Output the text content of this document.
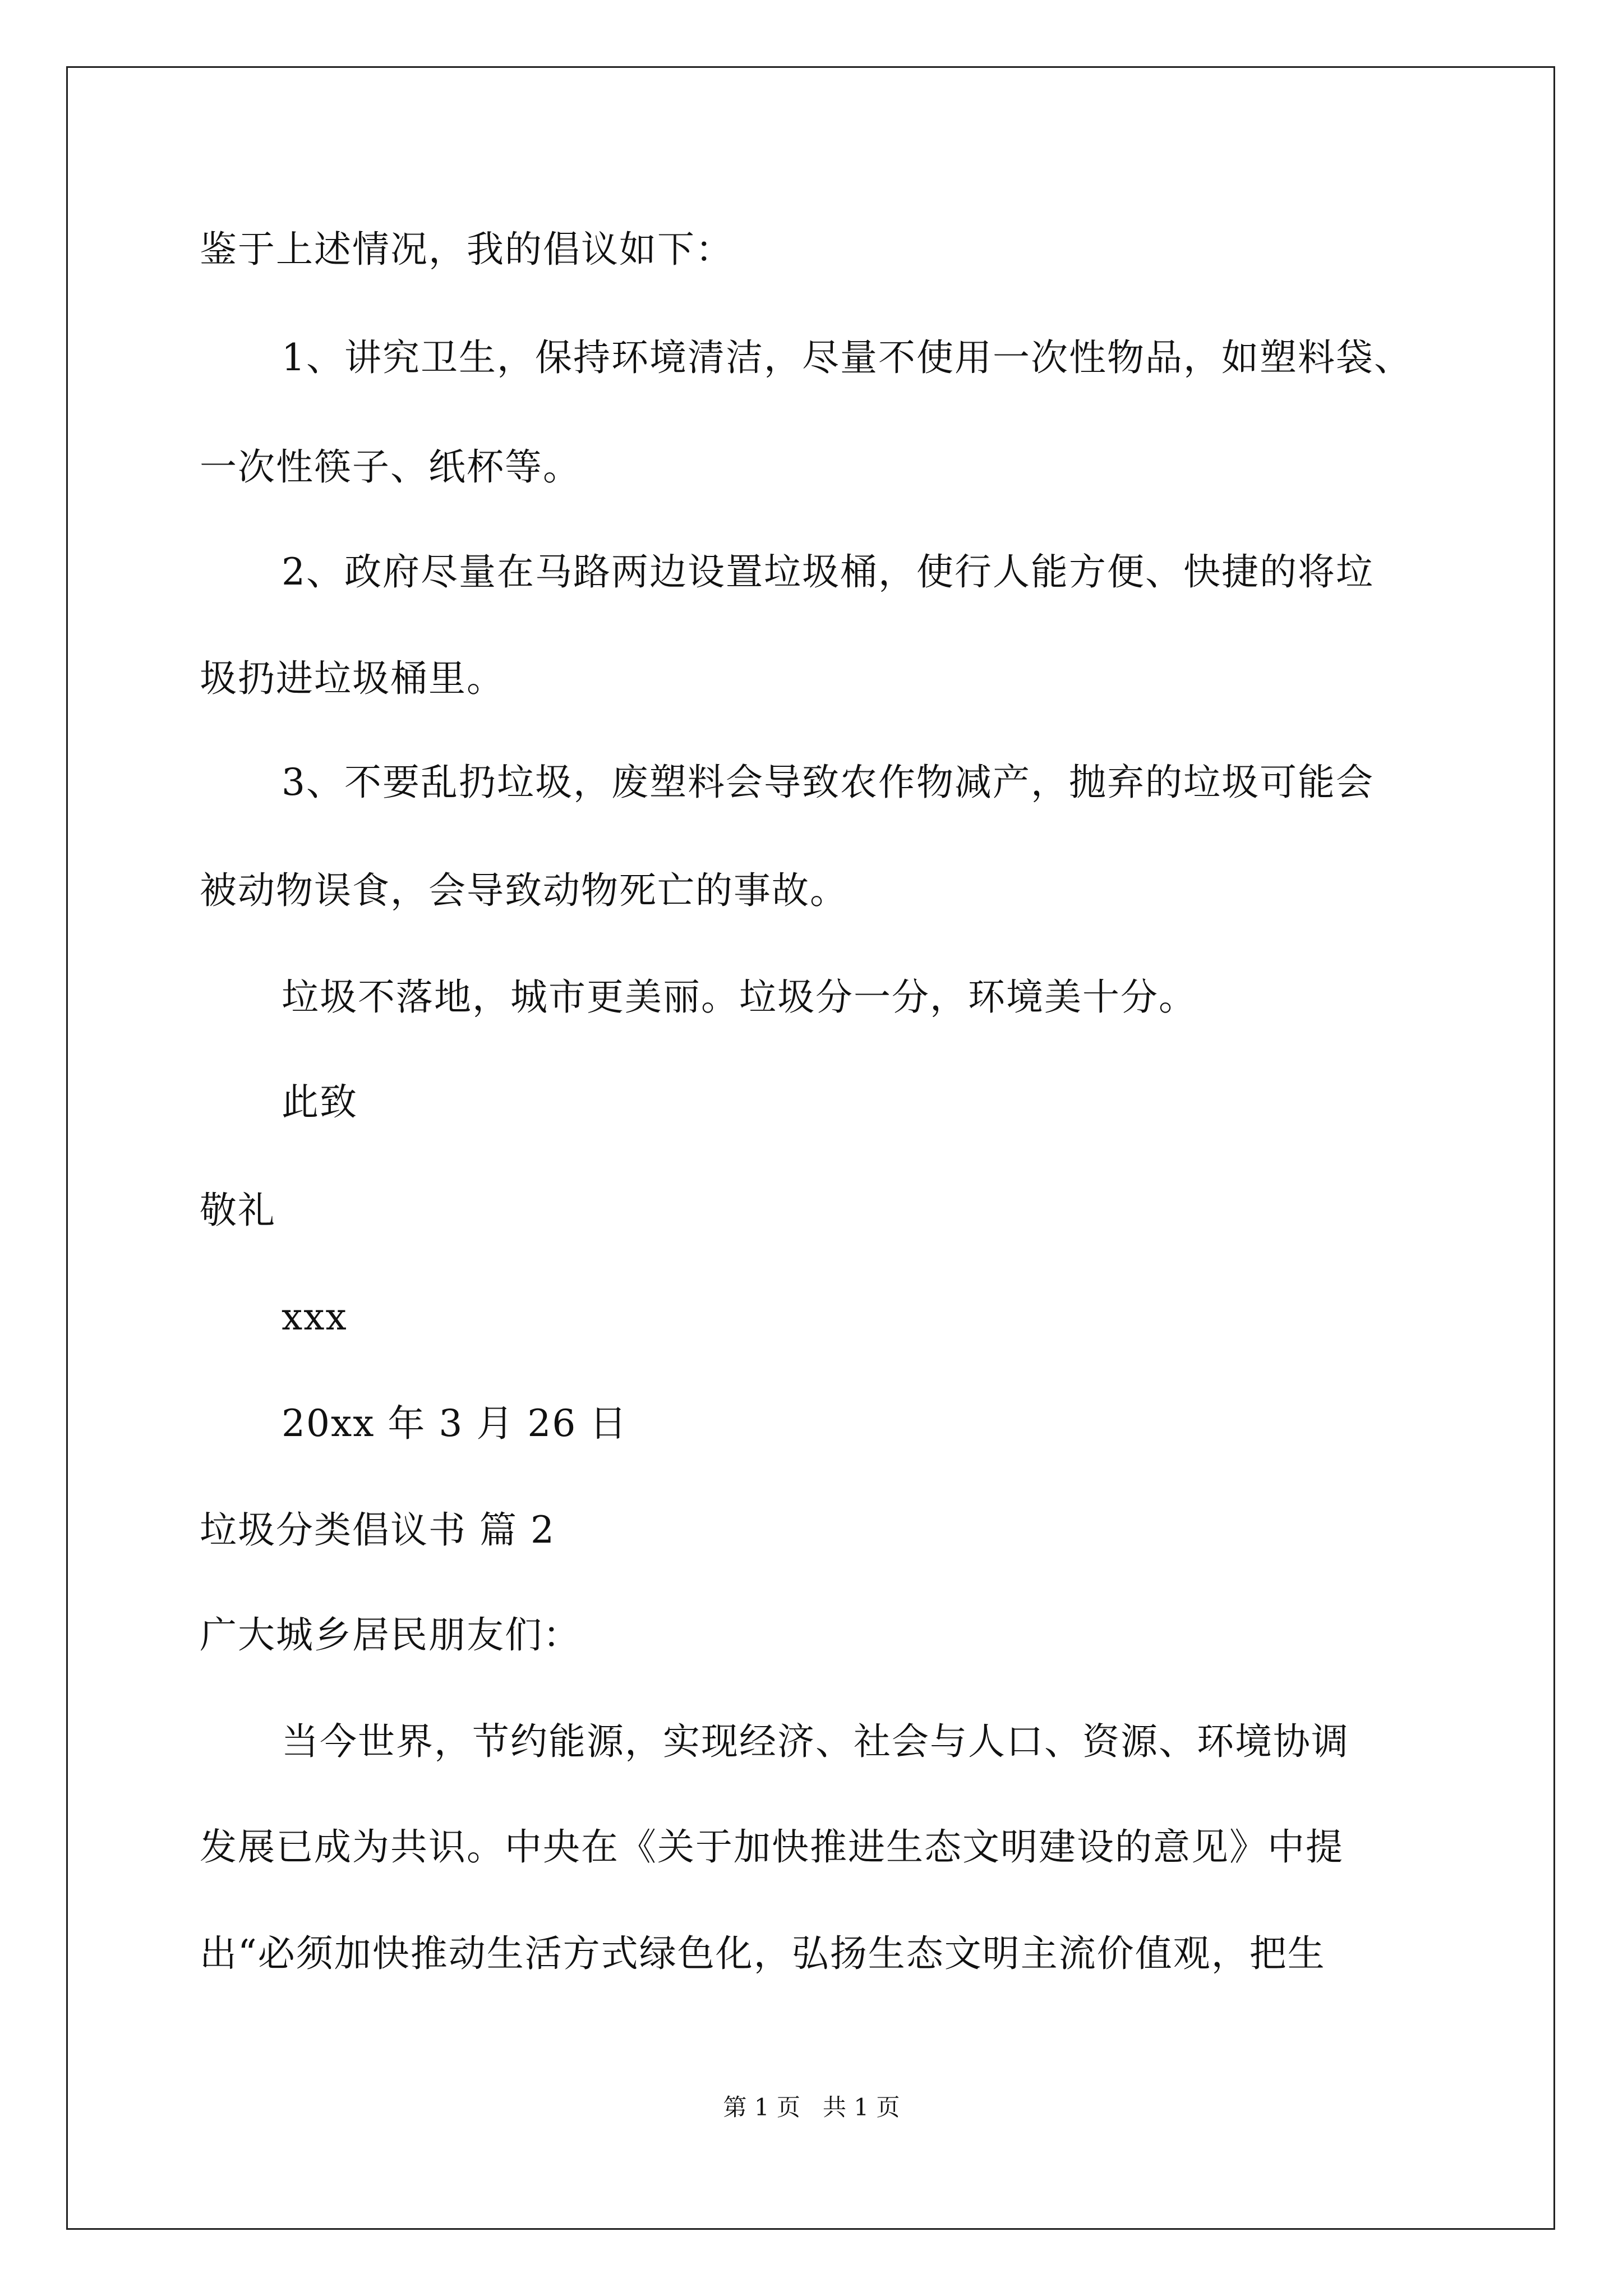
鉴于上述情况，我的倡议如下：
1、讲究卫生，保持环境清洁，尽量不使用一次性物品，如塑料袋、
一次性筷子、纸杯等。
2、政府尽量在马路两边设置垃圾桶，使行人能方便、快捷的将垃
圾扔进垃圾桶里。
3、不要乱扔垃圾，废塑料会导致农作物减产，抛弃的垃圾可能会
被动物误食，会导致动物死亡的事故。
垃圾不落地，城市更美丽。垃圾分一分，环境美十分。
此致
敬礼
xxx
20xx 年 3 月 26 日
垃圾分类倡议书 篇 2
广大城乡居民朋友们：
当今世界，节约能源，实现经济、社会与人口、资源、环境协调
发展已成为共识。中央在《关于加快推进生态文明建设的意见》中提
出“必须加快推动生活方式绿色化，弘扬生态文明主流价值观，把生
第 1 页   共 1 页
